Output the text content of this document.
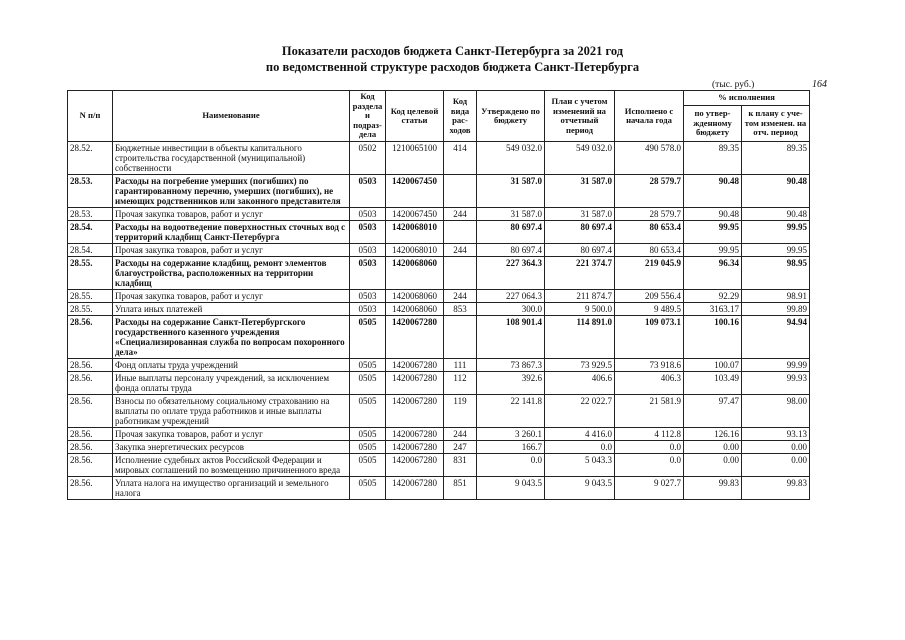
Показатели расходов бюджета Санкт-Петербурга за 2021 год
по ведомственной структуре расходов бюджета Санкт-Петербурга
(тыс. руб.)	164
N п/п	Наименование	Код раздела и подраз-дела	Код целевой статьи	Код вида рас-ходов	Утверждено по бюджету	План с учетом изменений на отчетный период	Исполнено с начала года	% исполнения	
								по утвер-жденному бюджету	к плану с уче-том изменен. на отч. период
28.52.	Бюджетные инвестиции в объекты капитального строительства государственной (муниципальной) собственности	0502	1210065100	414	549 032.0	549 032.0	490 578.0	89.35	89.35
28.53.	Расходы на погребение умерших (погибших) по гарантированному перечню, умерших (погибших), не имеющих родственников или законного представителя	0503	1420067450		31 587.0	31 587.0	28 579.7	90.48	90.48
28.53.	Прочая закупка товаров, работ и услуг	0503	1420067450	244	31 587.0	31 587.0	28 579.7	90.48	90.48
28.54.	Расходы на водоотведение поверхностных сточных вод с территорий кладбищ Санкт-Петербурга	0503	1420068010		80 697.4	80 697.4	80 653.4	99.95	99.95
28.54.	Прочая закупка товаров, работ и услуг	0503	1420068010	244	80 697.4	80 697.4	80 653.4	99.95	99.95
28.55.	Расходы на содержание кладбищ, ремонт элементов благоустройства, расположенных на территории кладбищ	0503	1420068060		227 364.3	221 374.7	219 045.9	96.34	98.95
28.55.	Прочая закупка товаров, работ и услуг	0503	1420068060	244	227 064.3	211 874.7	209 556.4	92.29	98.91
28.55.	Уплата иных платежей	0503	1420068060	853	300.0	9 500.0	9 489.5	3163.17	99.89
28.56.	Расходы на содержание Санкт-Петербургского государственного казенного учреждения «Специализированная служба по вопросам похоронного дела»	0505	1420067280		108 901.4	114 891.0	109 073.1	100.16	94.94
28.56.	Фонд оплаты труда учреждений	0505	1420067280	111	73 867.3	73 929.5	73 918.6	100.07	99.99
28.56.	Иные выплаты персоналу учреждений, за исключением фонда оплаты труда	0505	1420067280	112	392.6	406.6	406.3	103.49	99.93
28.56.	Взносы по обязательному социальному страхованию на выплаты по оплате труда работников и иные выплаты работникам учреждений	0505	1420067280	119	22 141.8	22 022.7	21 581.9	97.47	98.00
28.56.	Прочая закупка товаров, работ и услуг	0505	1420067280	244	3 260.1	4 416.0	4 112.8	126.16	93.13
28.56.	Закупка энергетических ресурсов	0505	1420067280	247	166.7	0.0	0.0	0.00	0.00
28.56.	Исполнение судебных актов Российской Федерации и мировых соглашений по возмещению причиненного вреда	0505	1420067280	831	0.0	5 043.3	0.0	0.00	0.00
28.56.	Уплата налога на имущество организаций и земельного налога	0505	1420067280	851	9 043.5	9 043.5	9 027.7	99.83	99.83
